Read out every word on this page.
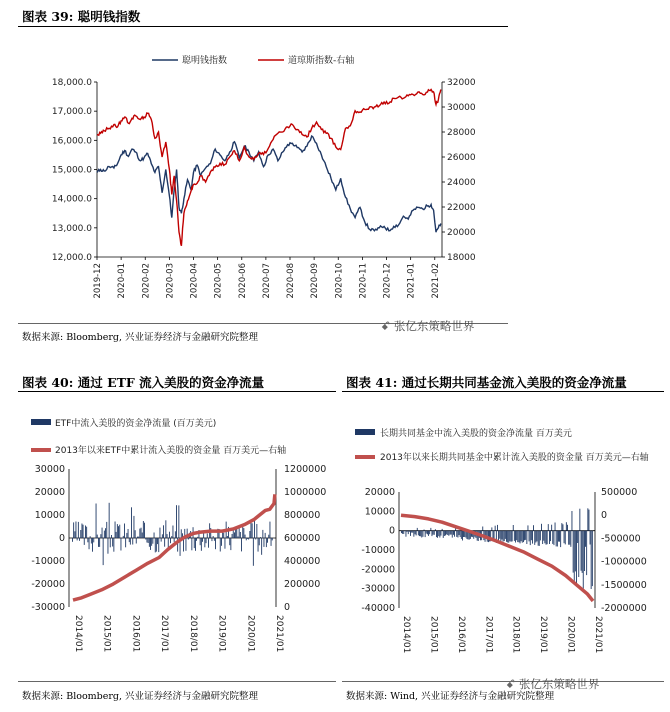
图表 39: 聪明钱指数
聪明钱指数	道琼斯指数-右轴
12,000.0
13,000.0
14,000.0
15,000.0
16,000.0
17,000.0
18,000.0
18000
20000
22000
24000
26000
28000
30000
32000
2019-12 2020-01 2020-02 2020-03 2020-04 2020-05 2020-06 2020-07 2020-08 2020-09 2020-10 2020-11 2020-12 2021-01 2021-02
数据来源: Bloomberg, 兴业证券经济与金融研究院整理
ꗃ 张亿东策略世界
图表 40: 通过 ETF 流入美股的资金净流量
ETF中流入美股的资金净流量 (百万美元)
2013年以来ETF中累计流入美股的资金量 百万美元—右轴
-30000
-20000
-10000
0
10000
20000
30000
0
200000
400000
600000
800000
1000000
1200000
2014/01 2015/01 2016/01 2017/01 2018/01 2019/01 2020/01 2021/01
数据来源: Bloomberg, 兴业证券经济与金融研究院整理
图表 41: 通过长期共同基金流入美股的资金净流量
长期共同基金中流入美股的资金净流量 百万美元
2013年以来长期共同基金中累计流入美股的资金量 百万美元—右轴
-40000
-30000
-20000
-10000
0
10000
20000
-2000000
-1500000
-1000000
-500000
0
500000
2014/01 2015/01 2016/01 2017/01 2018/01 2019/01 2020/01 2021/01
数据来源: Wind, 兴业证券经济与金融研究院整理
ꗃ 张亿东策略世界
